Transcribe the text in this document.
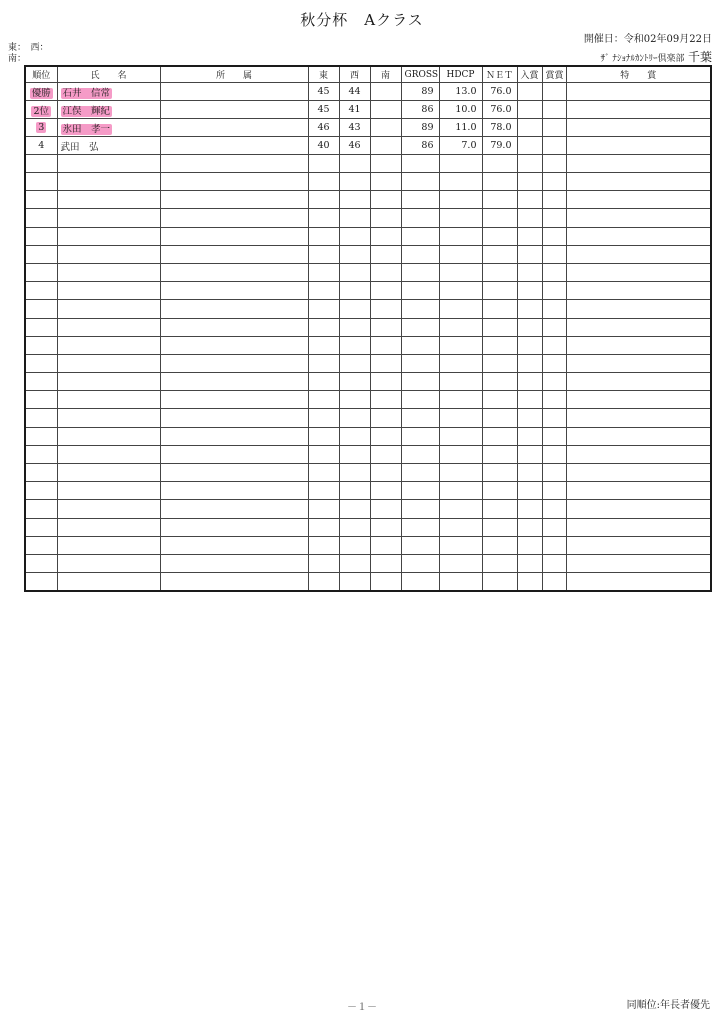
秋分杯　Aクラス
開催日：令和02年09月22日
東：　西：
南：	ｻﾞ ﾅｼｮﾅﾙｶﾝﾄﾘｰ倶楽部 千葉
順位	氏　　名	所　　属	東	西	南	GROSS	HDCP	ＮＥＴ	入賞	賞賞	特　　賞
優勝	石井　信常		45	44		89	13.0	76.0			
2位	江俣　輝紀		45	41		86	10.0	76.0			
3	氷田　孝一		46	43		89	11.0	78.0			
4	武田　弘		40	46		86	7.0	79.0			

－１－	同順位:年長者優先
